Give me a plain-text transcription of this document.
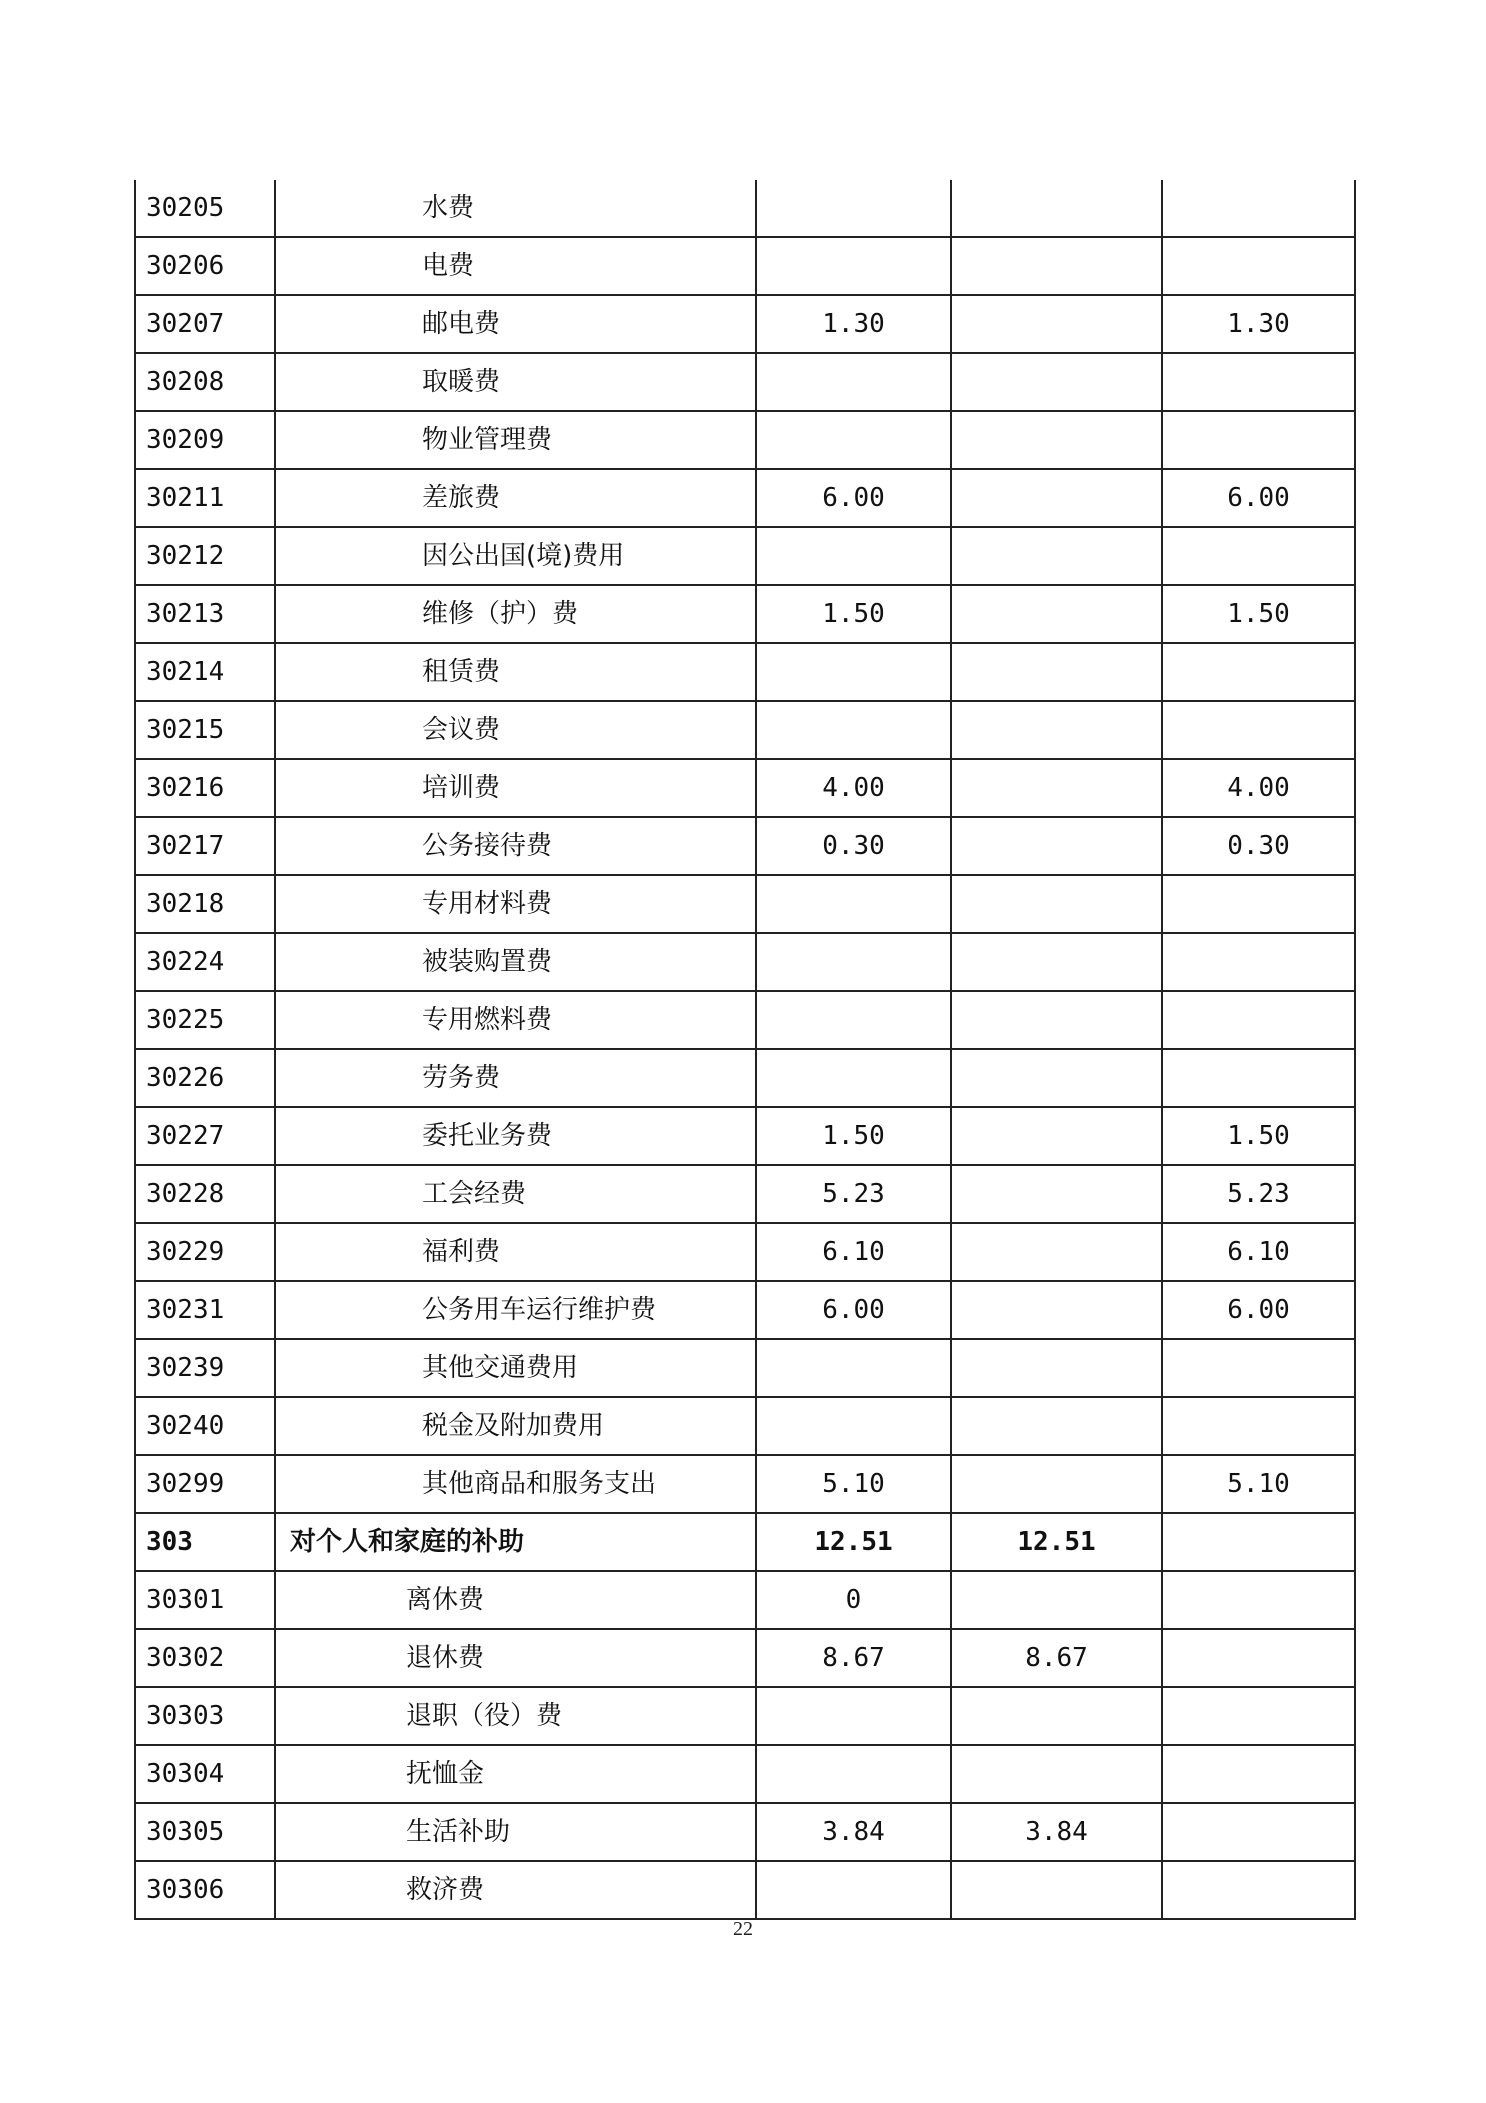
30205	水费			
30206	电费			
30207	邮电费	1.30		1.30
30208	取暖费			
30209	物业管理费			
30211	差旅费	6.00		6.00
30212	因公出国(境)费用			
30213	维修（护）费	1.50		1.50
30214	租赁费			
30215	会议费			
30216	培训费	4.00		4.00
30217	公务接待费	0.30		0.30
30218	专用材料费			
30224	被装购置费			
30225	专用燃料费			
30226	劳务费			
30227	委托业务费	1.50		1.50
30228	工会经费	5.23		5.23
30229	福利费	6.10		6.10
30231	公务用车运行维护费	6.00		6.00
30239	其他交通费用			
30240	税金及附加费用			
30299	其他商品和服务支出	5.10		5.10
303	对个人和家庭的补助	12.51	12.51	
30301	离休费	0		
30302	退休费	8.67	8.67	
30303	退职（役）费			
30304	抚恤金			
30305	生活补助	3.84	3.84	
30306	救济费			
22
